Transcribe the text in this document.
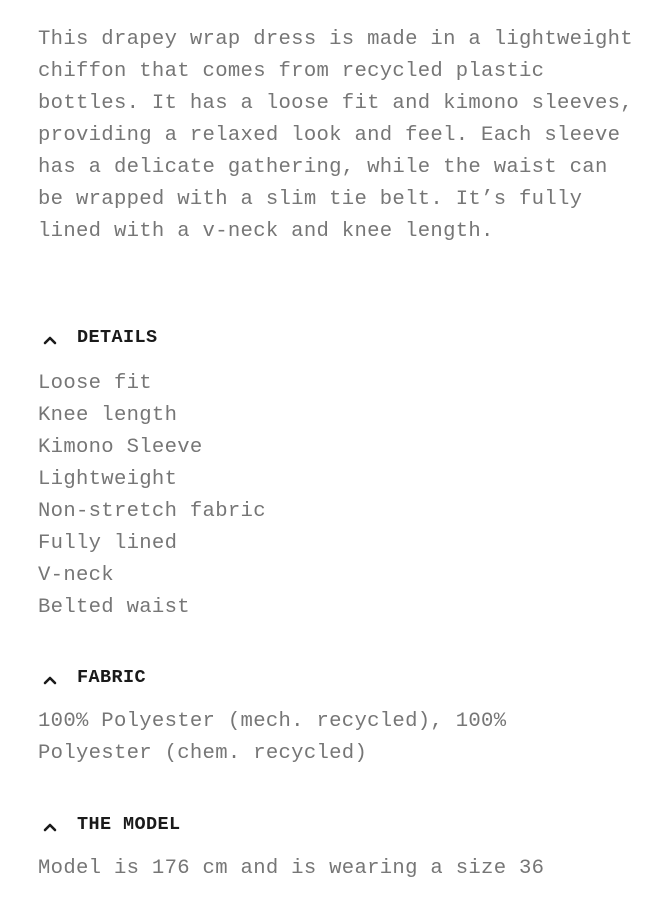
This drapey wrap dress is made in a lightweight chiffon that comes from recycled plastic bottles. It has a loose fit and kimono sleeves, providing a relaxed look and feel. Each sleeve has a delicate gathering, while the waist can be wrapped with a slim tie belt. It’s fully lined with a v-neck and knee length.

DETAILS
Loose fit
Knee length
Kimono Sleeve
Lightweight
Non-stretch fabric
Fully lined
V-neck
Belted waist
FABRIC

100% Polyester (mech. recycled), 100% Polyester (chem. recycled)

THE MODEL

Model is 176 cm and is wearing a size 36
